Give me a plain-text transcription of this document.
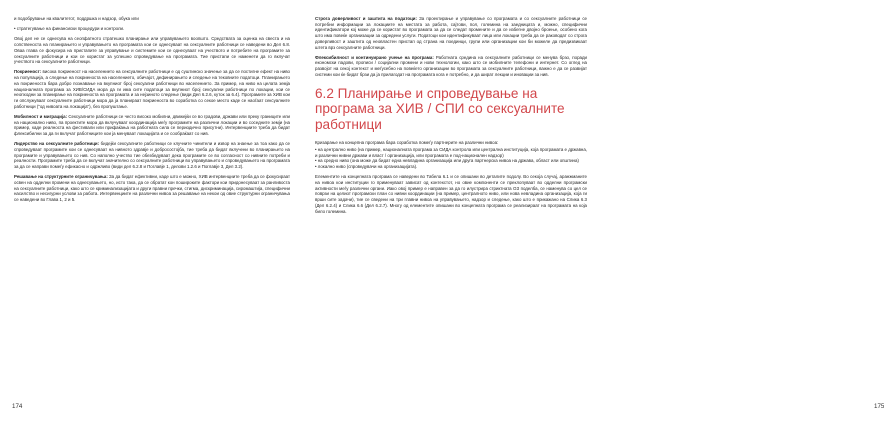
и подобрување на квалитетот, поддршка и надзор, обука или

• стратегување на финансиски процедури и контроли.

Овој дел не се однесува на сеопфатното стратешко планирање или управувањето воопшто. Средствата за оценка на свеста и на сопственоста на планирањето и управувањето на програмата кои се однесуваат на сексуалните работници се наведени во Дел 6.8. Оваа глава се фокусира на пристапите за управување и системите кои се однесуваат на учеството и потребите на програмите за сексуалните работници и кои се користат за успешно спроведување на програмата. Тие пристапи се наменети да го вклучат учеството на сексуалните работници.

Покриеност: висока покриеност на населението на сексуалните работници е од суштинско значење за да се постигне ефект на ниво на популација, а следење на покриеноста на населението, обичајот, дефинирањето и следење на тековните податоци. Планирањето на покриеноста бара добро познавање на вкупниот број сексуални работници во населението. За пример, на ниво на целата земја националната програма за ХИВ/СИДА мора да ги има сите податоци за вкупниот број сексуални работници по локации, кои се неопходни за планирање на покриеноста на програмата и за нејзиното следење (види Дел 6.2.6, куток за 6.4). Програмите за ХИВ кои ги опслужуваат сексуалните работници мора да ја планираат покриеноста во соработка со секое место каде се наоѓаат сексуалните работници ("од нивоата на локација"), без пропуштање.

Мобилност и миграција: Сексуалните работници се често високо мобилни, движејќи се во градови, држави или преку границите или на национално ниво, па проектите мора да вклучуваат координација меѓу програмите на различни локации и во соседните земји (на пример, каде реалноста на фестивали или прифаќања на работната сила се периодично присутни). Интервенциите треба да бидат флексибилни за да ги вклучат работниците кои ја менуваат локацијата и се сообраќаат со нив.

Лидерство на сексуалните работници: бидејќи сексуалните работници се клучните чинители и извор на знаење за тоа како да се спроведуваат програмите кои се однесуваат на нивното здравје и добросостојба, тие треба да бидат вклучени во планирањето на програмите и управувањето со нив. Со наполно учество тие обезбедуваат дека програмите се во согласност со нивните потреби и реалности. Програмите треба да се вклучат значително со сексуалните работници во управувањето и спроведувањето на програмата за да се направи помеѓу ефикасно и одржливо (види дел 6.2.8 и Поглавје 1, делови 1.2.6 и Поглавје 3, Дел 3.2).

Решавање на структурните ограничувања: За да бидат ефективни, каде што е можно, ХИВ интервенциите треба да се фокусираат освен на одделни промени на однесувањето, но, исто така, да се обратат кон пошироките фактори кои придонесуваат за ранливоста на сексуалните работници, како што се криминализацијата и други правни пречки, стигма, дискриминација, сиромаштија, специфични насилство и несигурни услови за работа. Интервенциите на различни нивоа за решавање на некои од овие структурни ограничувања се наведени во Глава 1, 2 и 5.

174

Строга доверливост и заштита на податоци: За проектирање и управување со програмата и со сексуалните работници се потребни информации за локациите на местата за работа, сајтови, пол, големина на заедницата и, можно, специфични идентификатори кој може да се користат во програмата за да се следат промените и да се избегне двојно броење, особено кога што има повеќе организации за одредени услуги. Податоци кои идентификуваат лица или локации треба да се раководат со строга доверливост и заштита од неовластен пристап од страна на поединци, групи или организации кои би можеле да предизвикаат штета врз сексуалните работници.

Флексибилност и континуирано учење на програма: Работната средина на сексуалните работници се менува брзо, поради економски падови, прописи / социјални промени и нови технологии, како што се мобилните телефони и интернет. Со оглед на развојот на секој контекст и меѓусебно на повеќето организации во програмата за сексуалните работници, важно е да се развијат системи кои ќе бидат брзи да ја прилагодат на програмата кога е потребно, и да шират лекции и иновации за нив.

6.2 Планирање и спроведување на програма за ХИВ / СПИ со сексуалните работници

Кризарање на концепна програма бара соработка помеѓу партнерите на различни нивоа:

• на централно ниво (на пример, националната програма за СИДА контрола или централна институција, која програмата е државна, и различни нивни држави и власт / организација, или програмата е под-национален надзор)

• на средно ниво (она може да бидат една невладина организација или друга партнерска нивоа на држава, област или општина)

• локално ниво (спроведувачи на организацијата).

Елементите на концепната програма се наведени во Табела 6.1 и се опишани во деталите подолу. Во секоја случај, аранжманите на нивоа кои институции го применуваат зависат од контекстот, но овие компоненти се преклопуваат во одделни програмски активности меѓу различни органи. Иако овој пример е направен за да го илустрира стриктната ОЗ поделба, се наменува со цел се поврзи на целиот програмски план со нивни координации (на пример, централното ниво, или нова невладина организација, која ги врши сите задачи), тие се сведени на три главни нивоа на управувањето, надзор и следење, како што е прикажано на Слика 6.3 (Дел 6.2.4) и Слика 6.6 (Дел 6.2.7). Многу од елементите опишани во концепната програма се реализираат на програмата на која било големина.

175
